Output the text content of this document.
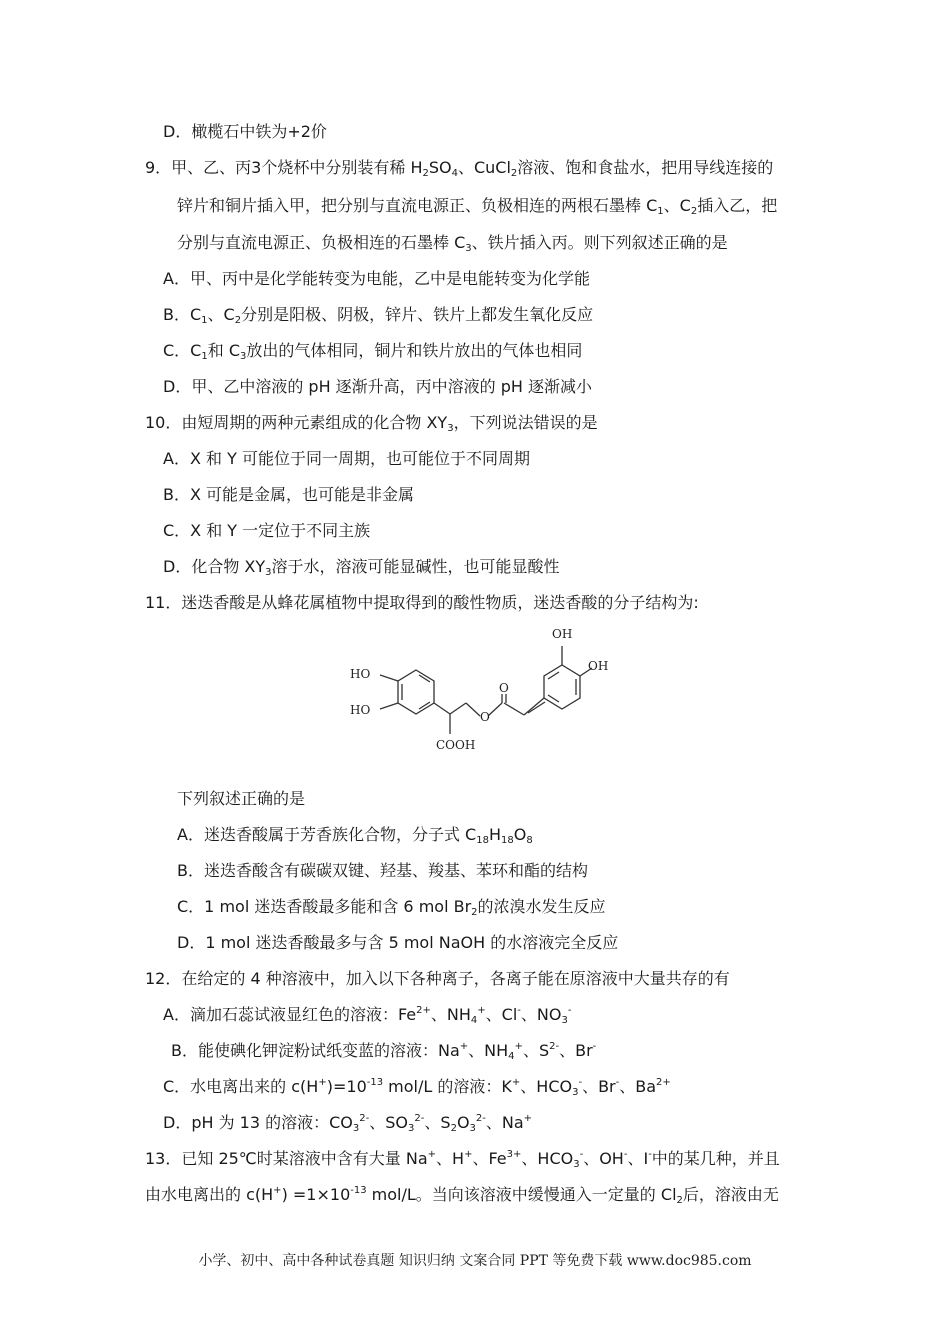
D．橄榄石中铁为+2价
9．甲、乙、丙3个烧杯中分别装有稀 $H_2SO_4$、CuCl$_2$溶液、饱和食盐水，把用导线连接的
锌片和铜片插入甲，把分别与直流电源正、负极相连的两根石墨棒 $C_1$、$C_2$插入乙，把
分别与直流电源正、负极相连的石墨棒 $C_3$、铁片插入丙。则下列叙述正确的是
A．甲、丙中是化学能转变为电能，乙中是电能转变为化学能
B．$C_1$、$C_2$分别是阳极、阴极，锌片、铁片上都发生氧化反应
C．$C_1$和 $C_3$放出的气体相同，铜片和铁片放出的气体也相同
D．甲、乙中溶液的 pH 逐渐升高，丙中溶液的 pH 逐渐减小
10．由短周期的两种元素组成的化合物 $XY_3$，下列说法错误的是
A．X 和 Y 可能位于同一周期，也可能位于不同周期
B．X 可能是金属，也可能是非金属
C．X 和 Y 一定位于不同主族
D．化合物 $XY_3$溶于水，溶液可能显碱性，也可能显酸性
11．迷迭香酸是从蜂花属植物中提取得到的酸性物质，迷迭香酸的分子结构为:
下列叙述正确的是
A．迷迭香酸属于芳香族化合物，分子式 $C_{18}H_{18}O_8$
B．迷迭香酸含有碳碳双键、羟基、羧基、苯环和酯的结构
C．1 mol 迷迭香酸最多能和含 6 mol $Br_2$的浓溴水发生反应
D．1 mol 迷迭香酸最多与含 5 mol NaOH 的水溶液完全反应
12．在给定的 4 种溶液中，加入以下各种离子，各离子能在原溶液中大量共存的有
A．滴加石蕊试液显红色的溶液：$Fe^{2+}$、$NH_4^+$、Cl-、$NO_3^-$
B．能使碘化钾淀粉试纸变蓝的溶液：Na+、$NH_4^+$、$S^{2-}$、Br-
C．水电离出来的 $c(H^+)=10^{-13}$ mol/L 的溶液：K+、$HCO_3^-$、Br-、$Ba^{2+}$
D．pH 为 13 的溶液：$CO_3^{2-}$、$SO_3^{2-}$、$S_2O_3^{2-}$、Na+
13．已知 25℃时某溶液中含有大量 Na+、H+、$Fe^{3+}$、$HCO_3^-$、OH-、I-中的某几种，并且
由水电离出的 $c(H^+) =1\times 10^{-13}$ mol/L。当向该溶液中缓慢通入一定量的 $Cl_2$后，溶液由无
HO
HO
COOH
O
O
OH
OH
小学、初中、高中各种试卷真题 知识归纳 文案合同 PPT 等免费下载 www.doc985.com
